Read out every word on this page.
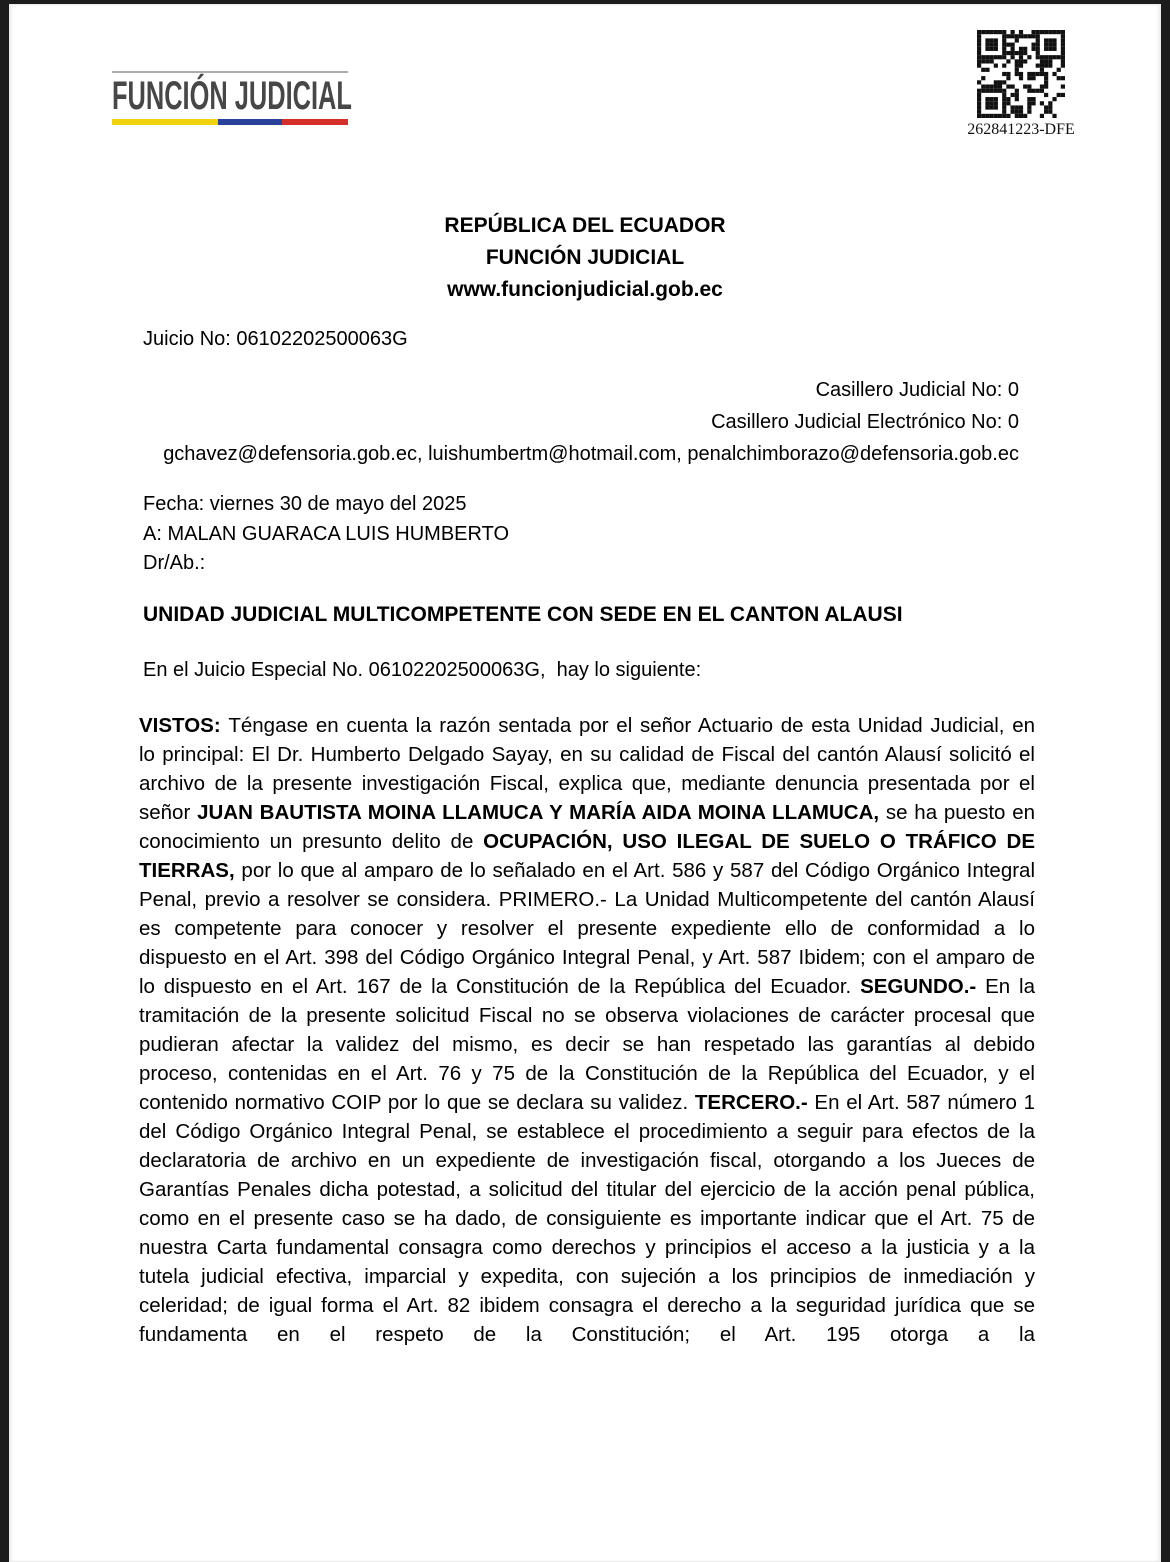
FUNCIÓN JUDICIAL
262841223-DFE
REPÚBLICA DEL ECUADOR
FUNCIÓN JUDICIAL
www.funcionjudicial.gob.ec
Juicio No: 06102202500063G
Casillero Judicial No: 0
Casillero Judicial Electrónico No: 0
gchavez@defensoria.gob.ec, luishumbertm@hotmail.com, penalchimborazo@defensoria.gob.ec
Fecha: viernes 30 de mayo del 2025
A: MALAN GUARACA LUIS HUMBERTO
Dr/Ab.:
UNIDAD JUDICIAL MULTICOMPETENTE CON SEDE EN EL CANTON ALAUSI
En el Juicio Especial No. 06102202500063G,  hay lo siguiente:
VISTOS: Téngase en cuenta la razón sentada por el señor Actuario de esta Unidad Judicial, en lo principal: El Dr. Humberto Delgado Sayay, en su calidad de Fiscal del cantón Alausí solicitó el archivo de la presente investigación Fiscal, explica que, mediante denuncia presentada por el señor JUAN BAUTISTA MOINA LLAMUCA Y MARÍA AIDA MOINA LLAMUCA, se ha puesto en conocimiento un presunto delito de OCUPACIÓN, USO ILEGAL DE SUELO O TRÁFICO DE TIERRAS, por lo que al amparo de lo señalado en el Art. 586 y 587 del Código Orgánico Integral Penal, previo a resolver se considera. PRIMERO.- La Unidad Multicompetente del cantón Alausí es competente para conocer y resolver el presente expediente ello de conformidad a lo dispuesto en el Art. 398 del Código Orgánico Integral Penal, y Art. 587 Ibidem; con el amparo de lo dispuesto en el Art. 167 de la Constitución de la República del Ecuador. SEGUNDO.- En la tramitación de la presente solicitud Fiscal no se observa violaciones de carácter procesal que pudieran afectar la validez del mismo, es decir se han respetado las garantías al debido proceso, contenidas en el Art. 76 y 75 de la Constitución de la República del Ecuador, y el contenido normativo COIP por lo que se declara su validez. TERCERO.- En el Art. 587 número 1 del Código Orgánico Integral Penal, se establece el procedimiento a seguir para efectos de la declaratoria de archivo en un expediente de investigación fiscal, otorgando a los Jueces de Garantías Penales dicha potestad, a solicitud del titular del ejercicio de la acción penal pública, como en el presente caso se ha dado, de consiguiente es importante indicar que el Art. 75 de nuestra Carta fundamental consagra como derechos y principios el acceso a la justicia y a la tutela judicial efectiva, imparcial y expedita, con sujeción a los principios de inmediación y celeridad; de igual forma el Art. 82 ibidem consagra el derecho a la seguridad jurídica que se fundamenta en el respeto de la Constitución; el Art. 195 otorga a la
